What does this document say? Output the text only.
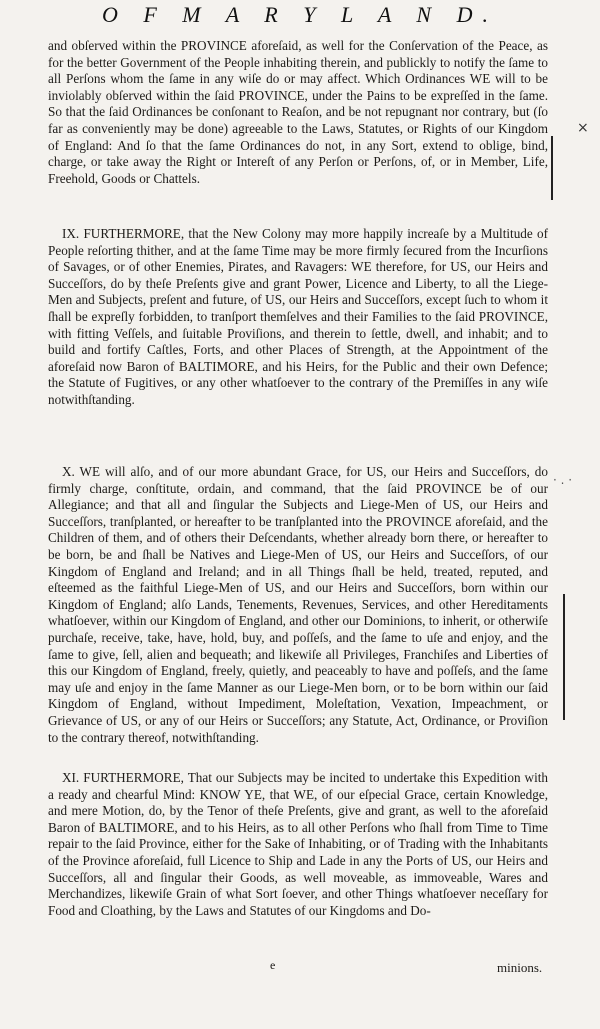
O F M A R Y L A N D.

and obſerved within the PROVINCE aforeſaid, as well for the Conſervation of the Peace, as for the better Government of the People inhabiting therein, and publickly to notify the ſame to all Perſons whom the ſame in any wiſe do or may affect. Which Ordinances WE will to be inviolably obſerved within the ſaid PROVINCE, under the Pains to be expreſſed in the ſame. So that the ſaid Ordinances be conſonant to Reaſon, and be not repugnant nor contrary, but (ſo far as conveniently may be done) agreeable to the Laws, Statutes, or Rights of our Kingdom of England: And ſo that the ſame Ordinances do not, in any Sort, extend to oblige, bind, charge, or take away the Right or Intereſt of any Perſon or Perſons, of, or in Member, Life, Freehold, Goods or Chattels.

IX. FURTHERMORE, that the New Colony may more happily increaſe by a Multitude of People reſorting thither, and at the ſame Time may be more firmly ſecured from the Incurſions of Savages, or of other Enemies, Pirates, and Ravagers: WE therefore, for US, our Heirs and Succeſſors, do by theſe Preſents give and grant Power, Licence and Liberty, to all the Liege-Men and Subjects, preſent and future, of US, our Heirs and Succeſſors, except ſuch to whom it ſhall be expreſly forbidden, to tranſport themſelves and their Families to the ſaid PROVINCE, with fitting Veſſels, and ſuitable Proviſions, and therein to ſettle, dwell, and inhabit; and to build and fortify Caſtles, Forts, and other Places of Strength, at the Appointment of the aforeſaid now Baron of BALTIMORE, and his Heirs, for the Public and their own Defence; the Statute of Fugitives, or any other whatſoever to the contrary of the Premiſſes in any wiſe notwithſtanding.

X. WE will alſo, and of our more abundant Grace, for US, our Heirs and Succeſſors, do firmly charge, conſtitute, ordain, and command, that the ſaid PROVINCE be of our Allegiance; and that all and ſingular the Subjects and Liege-Men of US, our Heirs and Succeſſors, tranſplanted, or hereafter to be tranſplanted into the PROVINCE aforeſaid, and the Children of them, and of others their Deſcendants, whether already born there, or hereafter to be born, be and ſhall be Natives and Liege-Men of US, our Heirs and Succeſſors, of our Kingdom of England and Ireland; and in all Things ſhall be held, treated, reputed, and eſteemed as the faithful Liege-Men of US, and our Heirs and Succeſſors, born within our Kingdom of England; alſo Lands, Tenements, Revenues, Services, and other Hereditaments whatſoever, within our Kingdom of England, and other our Dominions, to inherit, or otherwiſe purchaſe, receive, take, have, hold, buy, and poſſeſs, and the ſame to uſe and enjoy, and the ſame to give, ſell, alien and bequeath; and likewiſe all Privileges, Franchiſes and Liberties of this our Kingdom of England, freely, quietly, and peaceably to have and poſſeſs, and the ſame may uſe and enjoy in the ſame Manner as our Liege-Men born, or to be born within our ſaid Kingdom of England, without Impediment, Moleſtation, Vexation, Impeachment, or Grievance of US, or any of our Heirs or Succeſſors; any Statute, Act, Ordinance, or Proviſion to the contrary thereof, notwithſtanding.

XI. FURTHERMORE, That our Subjects may be incited to undertake this Expedition with a ready and chearful Mind: KNOW YE, that WE, of our eſpecial Grace, certain Knowledge, and mere Motion, do, by the Tenor of theſe Preſents, give and grant, as well to the aforeſaid Baron of BALTIMORE, and to his Heirs, as to all other Perſons who ſhall from Time to Time repair to the ſaid Province, either for the Sake of Inhabiting, or of Trading with the Inhabitants of the Province aforeſaid, full Licence to Ship and Lade in any the Ports of US, our Heirs and Succeſſors, all and ſingular their Goods, as well moveable, as immoveable, Wares and Merchandizes, likewiſe Grain of what Sort ſoever, and other Things whatſoever neceſſary for Food and Cloathing, by the Laws and Statutes of our Kingdoms and Do-

e	minions.
×
· . ·
